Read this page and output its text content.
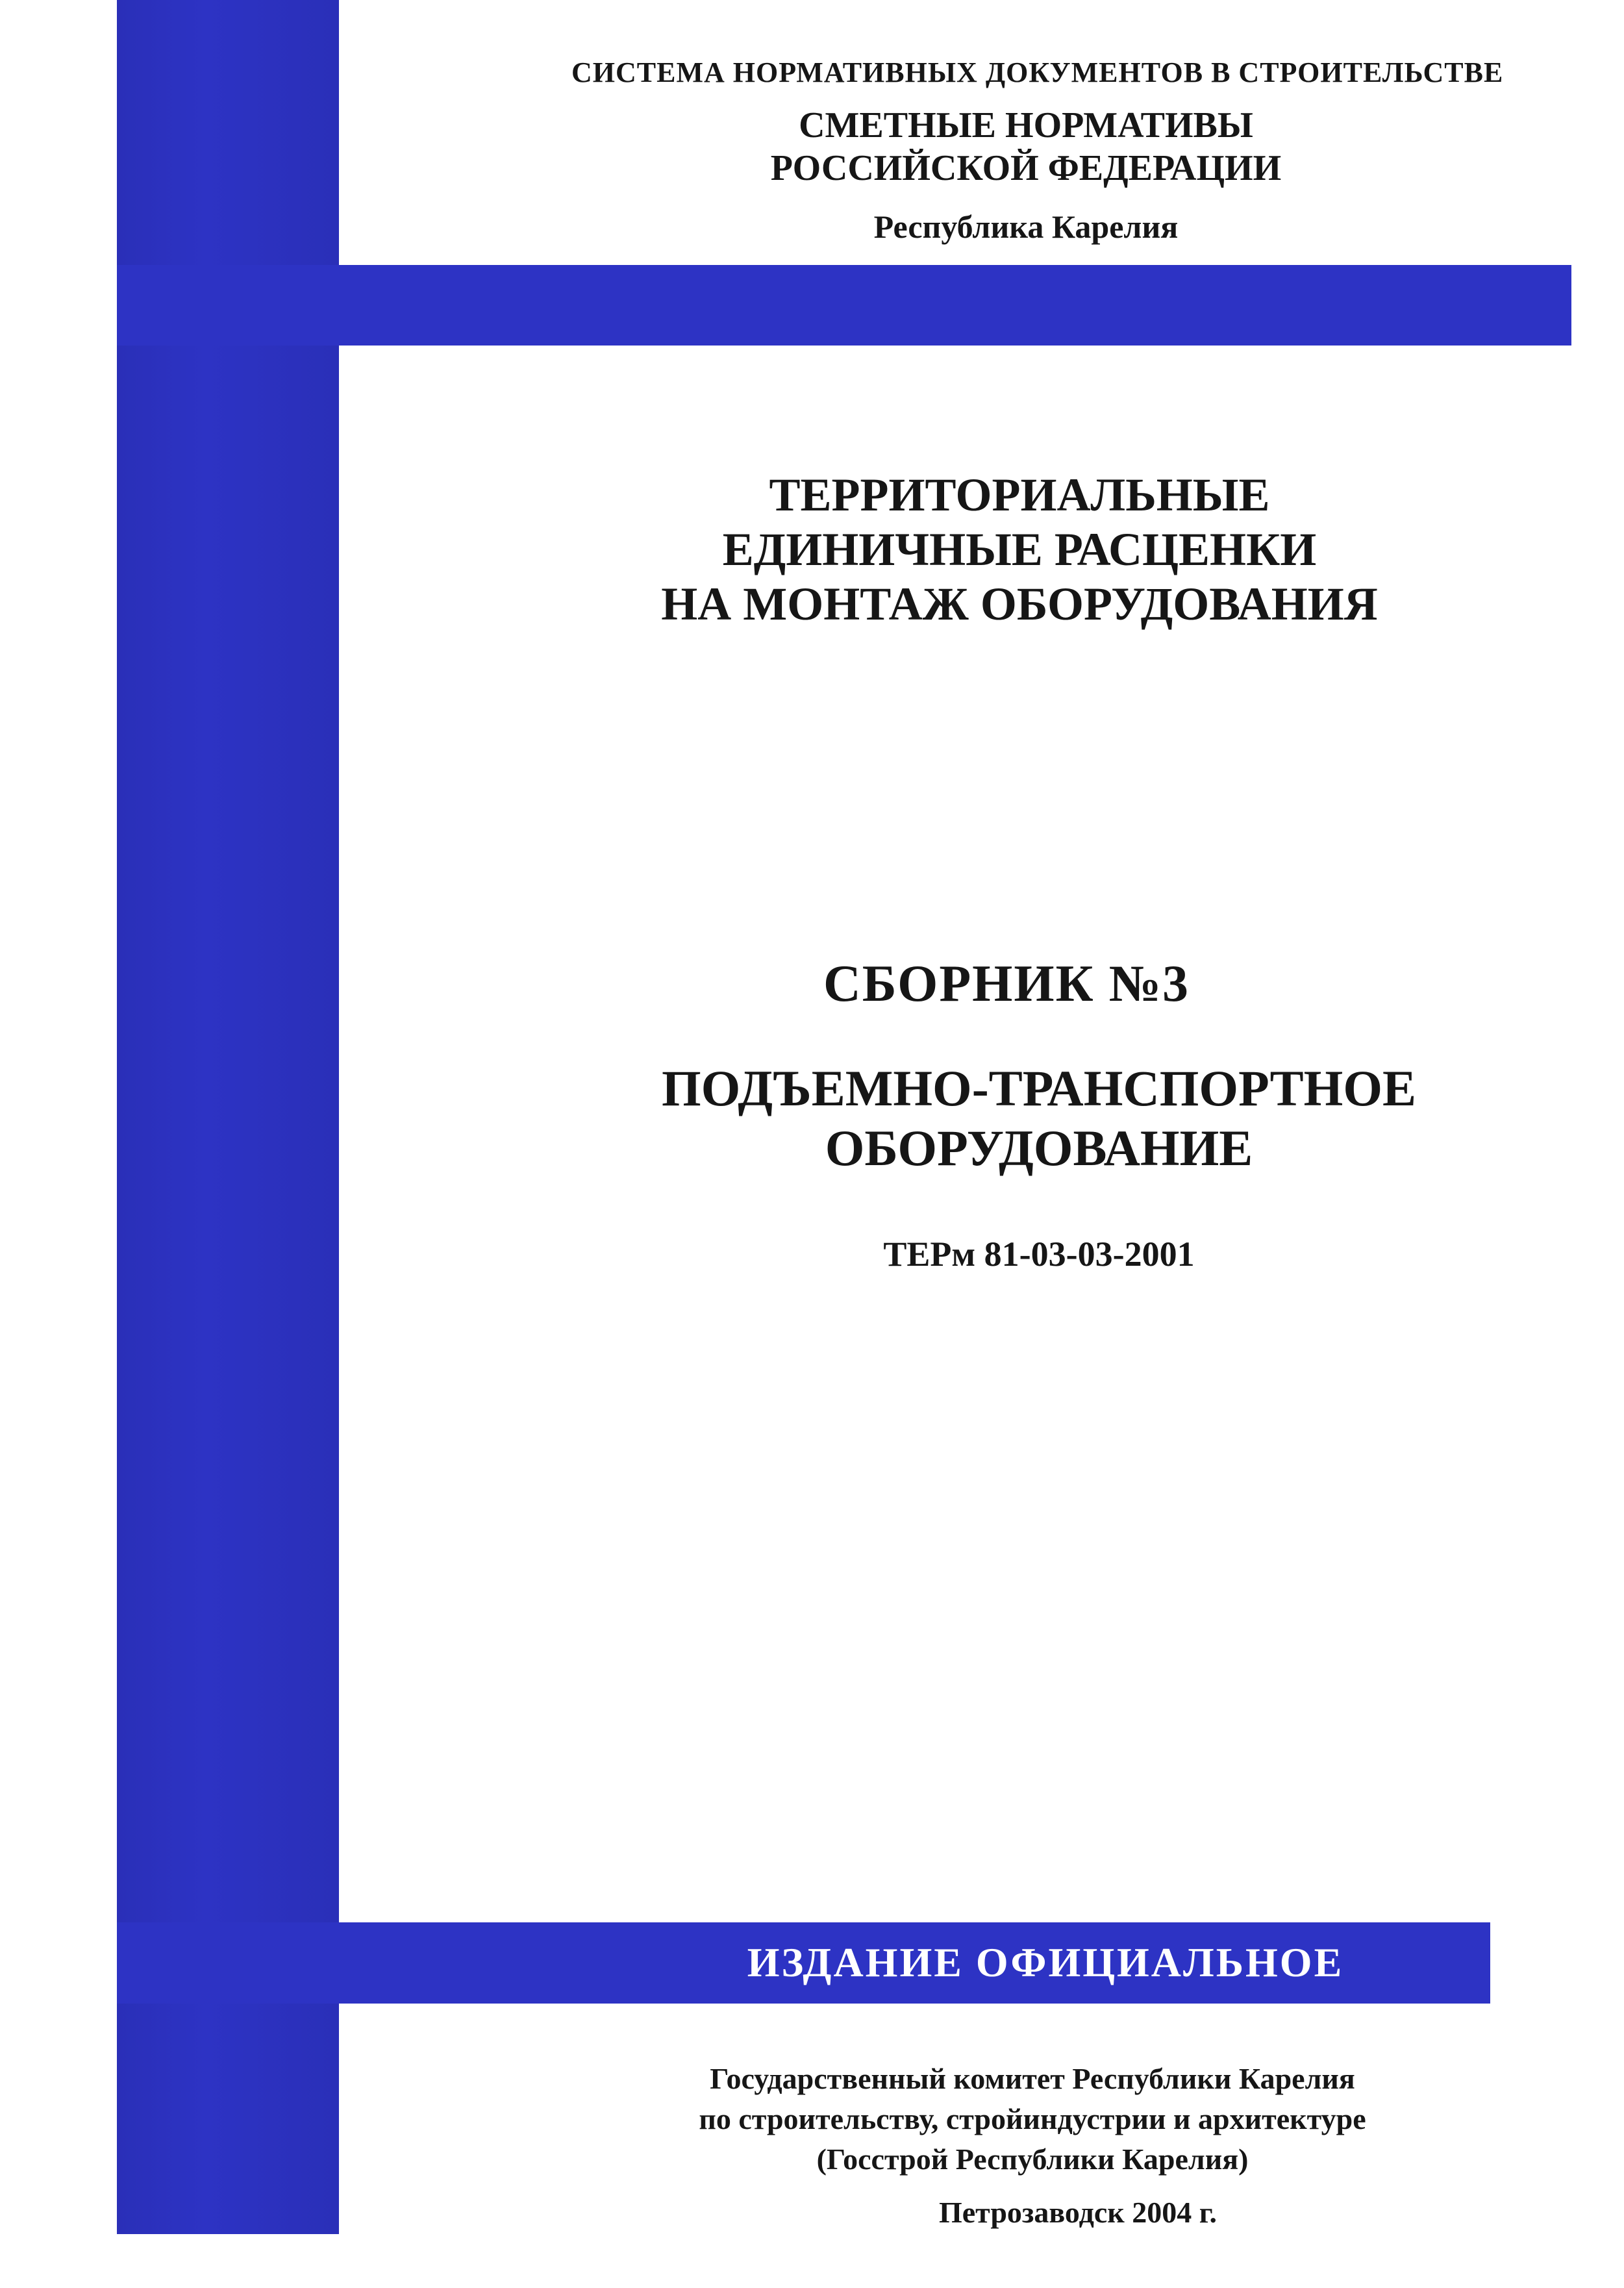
СИСТЕМА НОРМАТИВНЫХ ДОКУМЕНТОВ В СТРОИТЕЛЬСТВЕ
СМЕТНЫЕ НОРМАТИВЫ
РОССИЙСКОЙ ФЕДЕРАЦИИ
Республика Карелия
ТЕРРИТОРИАЛЬНЫЕ
ЕДИНИЧНЫЕ РАСЦЕНКИ
НА МОНТАЖ ОБОРУДОВАНИЯ
СБОРНИК №3
ПОДЪЕМНО-ТРАНСПОРТНОЕ
ОБОРУДОВАНИЕ
ТЕРм 81-03-03-2001
ИЗДАНИЕ ОФИЦИАЛЬНОЕ
Государственный комитет Республики Карелия
по строительству, стройиндустрии и архитектуре
(Госстрой Республики Карелия)
Петрозаводск 2004 г.
